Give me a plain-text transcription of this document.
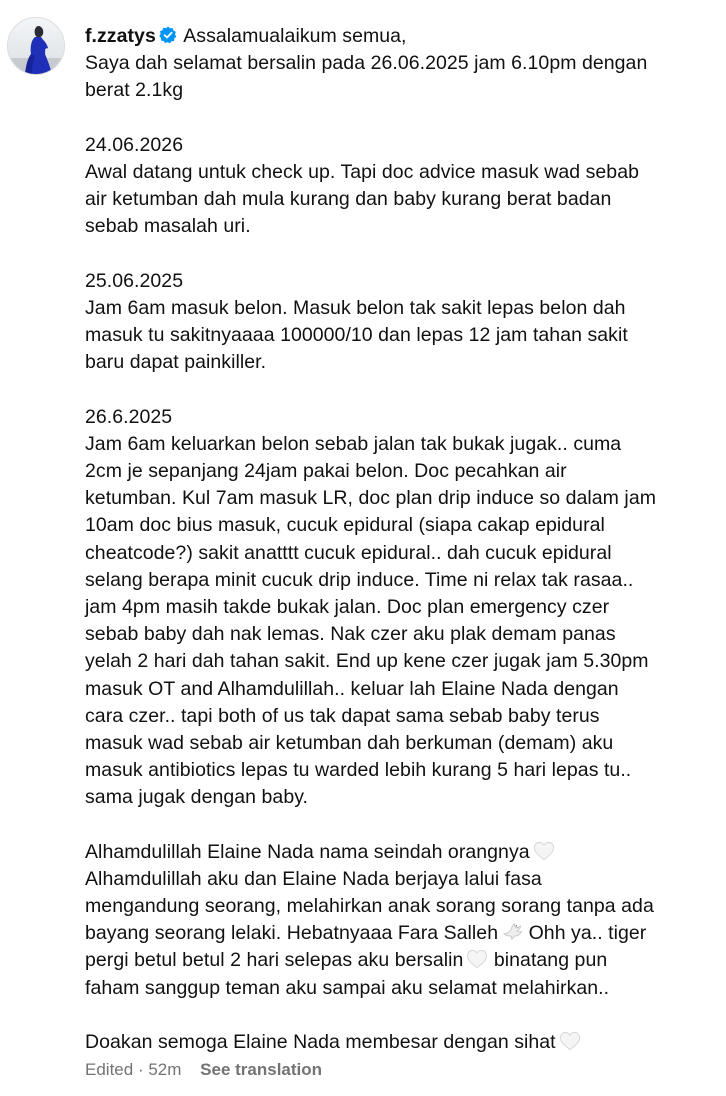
f.zzatys Assalamualaikum semua,
Saya dah selamat bersalin pada 26.06.2025 jam 6.10pm dengan
berat 2.1kg
24.06.2026
Awal datang untuk check up. Tapi doc advice masuk wad sebab
air ketumban dah mula kurang dan baby kurang berat badan
sebab masalah uri.
25.06.2025
Jam 6am masuk belon. Masuk belon tak sakit lepas belon dah
masuk tu sakitnyaaaa 100000/10 dan lepas 12 jam tahan sakit
baru dapat painkiller.
26.6.2025
Jam 6am keluarkan belon sebab jalan tak bukak jugak.. cuma
2cm je sepanjang 24jam pakai belon. Doc pecahkan air
ketumban. Kul 7am masuk LR, doc plan drip induce so dalam jam
10am doc bius masuk, cucuk epidural (siapa cakap epidural
cheatcode?) sakit anatttt cucuk epidural.. dah cucuk epidural
selang berapa minit cucuk drip induce. Time ni relax tak rasaa..
jam 4pm masih takde bukak jalan. Doc plan emergency czer
sebab baby dah nak lemas. Nak czer aku plak demam panas
yelah 2 hari dah tahan sakit. End up kene czer jugak jam 5.30pm
masuk OT and Alhamdulillah.. keluar lah Elaine Nada dengan
cara czer.. tapi both of us tak dapat sama sebab baby terus
masuk wad sebab air ketumban dah berkuman (demam) aku
masuk antibiotics lepas tu warded lebih kurang 5 hari lepas tu..
sama jugak dengan baby.
Alhamdulillah Elaine Nada nama seindah orangnya
Alhamdulillah aku dan Elaine Nada berjaya lalui fasa
mengandung seorang, melahirkan anak sorang sorang tanpa ada
bayang seorang lelaki. Hebatnyaaa Fara Salleh Ohh ya.. tiger
pergi betul betul 2 hari selepas aku bersalin binatang pun
faham sanggup teman aku sampai aku selamat melahirkan..
Doakan semoga Elaine Nada membesar dengan sihat
Edited · 52m See translation
